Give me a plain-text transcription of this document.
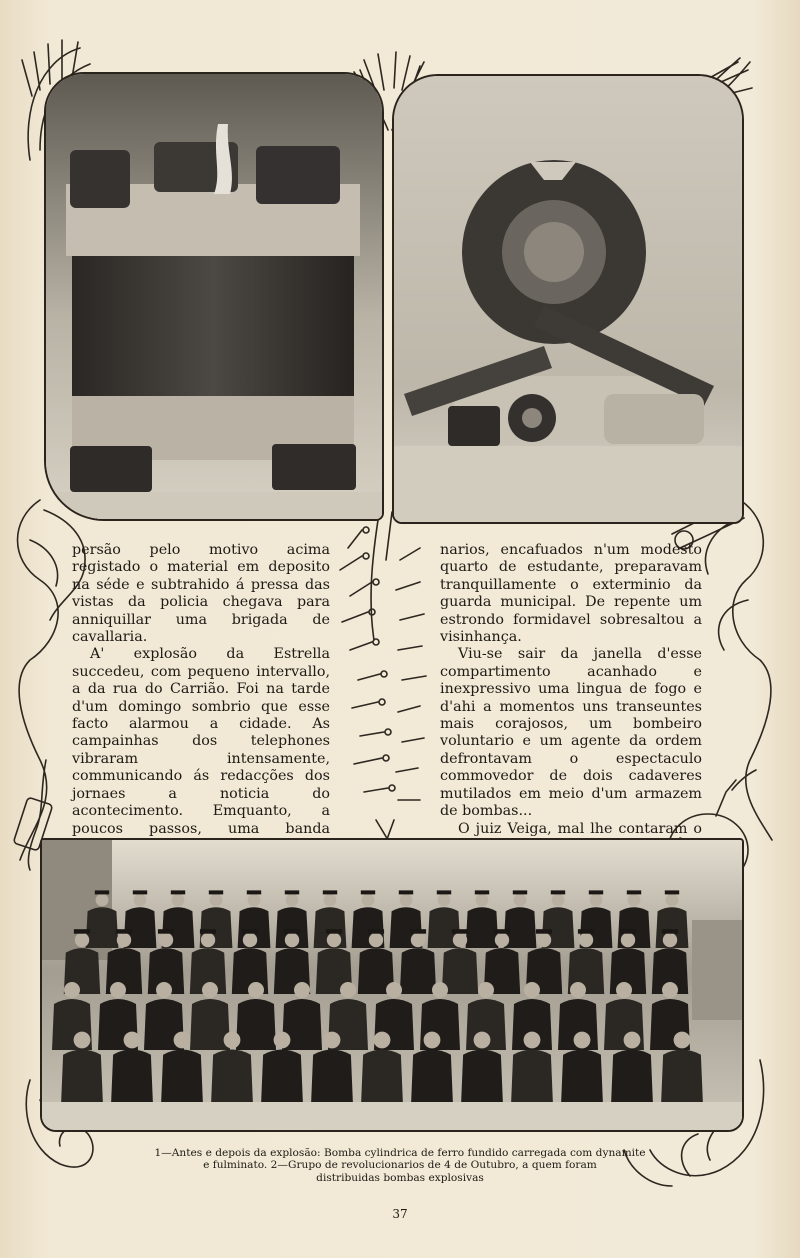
persão pelo motivo acima registado o material em deposito na séde e subtrahido á pressa das vistas da policia chegava para anniquillar uma brigada de cavallaria.

A' explosão da Estrella succedeu, com pequeno intervallo, a da rua do Carrião. Foi na tarde d'um domingo sombrio que esse facto alarmou a cidade. As campainhas dos telephones vibraram intensamente, communicando ás redacções dos jornaes a noticia do acontecimento. Emquanto, a poucos passos, uma banda

narios, encafuados n'um modesto quarto de estudante, preparavam tranquillamente o exterminio da guarda municipal. De repente um estrondo formidavel sobresaltou a visinhança.

Viu-se sair da janella d'esse compartimento acanhado e inexpressivo uma lingua de fogo e d'ahi a momentos uns transeuntes mais corajosos, um bombeiro voluntario e um agente da ordem defrontavam o espectaculo commovedor de dois cadaveres mutilados em meio d'um armazem de bombas...

O juiz Veiga, mal lhe contaram o

1—Antes e depois da explosão: Bomba cylindrica de ferro fundido carregada com dynamite
e fulminato. 2—Grupo de revolucionarios de 4 de Outubro, a quem foram
distribuidas bombas explosivas
37
